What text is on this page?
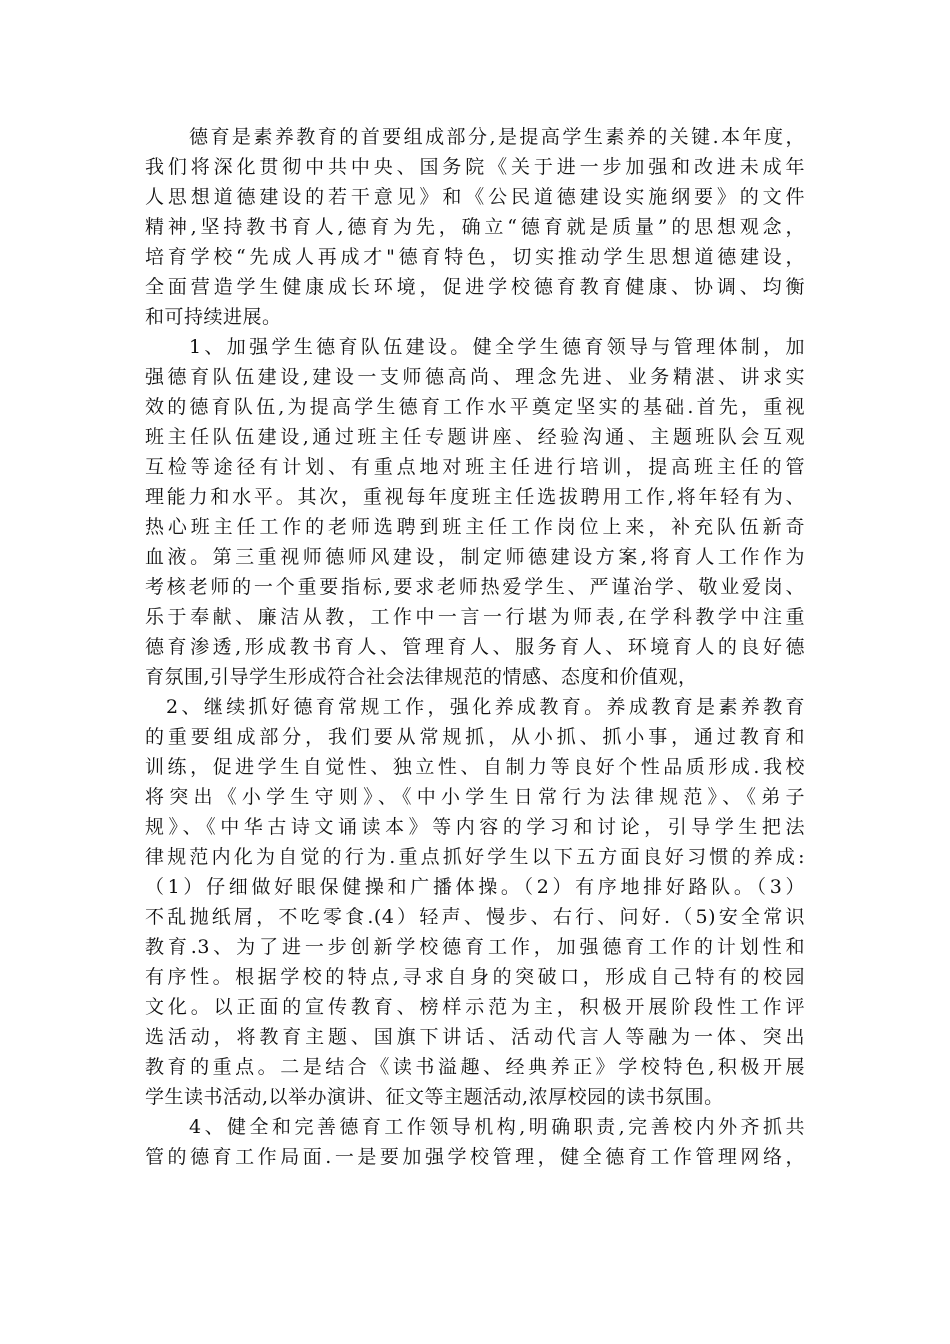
德育是素养教育的首要组成部分,是提高学生素养的关键.本年度，
我们将深化贯彻中共中央、国务院《关于进一步加强和改进未成年
人思想道德建设的若干意见》和《公民道德建设实施纲要》的文件
精神,坚持教书育人,德育为先，确立“德育就是质量”的思想观念，
培育学校“先成人再成才"德育特色，切实推动学生思想道德建设，
全面营造学生健康成长环境，促进学校德育教育健康、协调、均衡
和可持续进展。
1、加强学生德育队伍建设。健全学生德育领导与管理体制，加
强德育队伍建设,建设一支师德高尚、理念先进、业务精湛、讲求实
效的德育队伍,为提高学生德育工作水平奠定坚实的基础.首先，重视
班主任队伍建设,通过班主任专题讲座、经验沟通、主题班队会互观
互检等途径有计划、有重点地对班主任进行培训，提高班主任的管
理能力和水平。其次，重视每年度班主任选拔聘用工作,将年轻有为、
热心班主任工作的老师选聘到班主任工作岗位上来，补充队伍新奇
血液。第三重视师德师风建设，制定师德建设方案,将育人工作作为
考核老师的一个重要指标,要求老师热爱学生、严谨治学、敬业爱岗、
乐于奉献、廉洁从教，工作中一言一行堪为师表,在学科教学中注重
德育渗透,形成教书育人、管理育人、服务育人、环境育人的良好德
育氛围,引导学生形成符合社会法律规范的情感、态度和价值观，
2、继续抓好德育常规工作，强化养成教育。养成教育是素养教育
的重要组成部分，我们要从常规抓，从小抓、抓小事，通过教育和
训练，促进学生自觉性、独立性、自制力等良好个性品质形成.我校
将突出《小学生守则》、《中小学生日常行为法律规范》、《弟子
规》、《中华古诗文诵读本》等内容的学习和讨论，引导学生把法
律规范内化为自觉的行为.重点抓好学生以下五方面良好习惯的养成:
（1）仔细做好眼保健操和广播体操。（2）有序地排好路队。（3）
不乱抛纸屑，不吃零食.(4）轻声、慢步、右行、问好.（5)安全常识
教育.3、为了进一步创新学校德育工作，加强德育工作的计划性和
有序性。根据学校的特点,寻求自身的突破口，形成自己特有的校园
文化。以正面的宣传教育、榜样示范为主，积极开展阶段性工作评
选活动，将教育主题、国旗下讲话、活动代言人等融为一体、突出
教育的重点。二是结合《读书溢趣、经典养正》学校特色,积极开展
学生读书活动,以举办演讲、征文等主题活动,浓厚校园的读书氛围。
4、健全和完善德育工作领导机构,明确职责,完善校内外齐抓共
管的德育工作局面.一是要加强学校管理，健全德育工作管理网络，
